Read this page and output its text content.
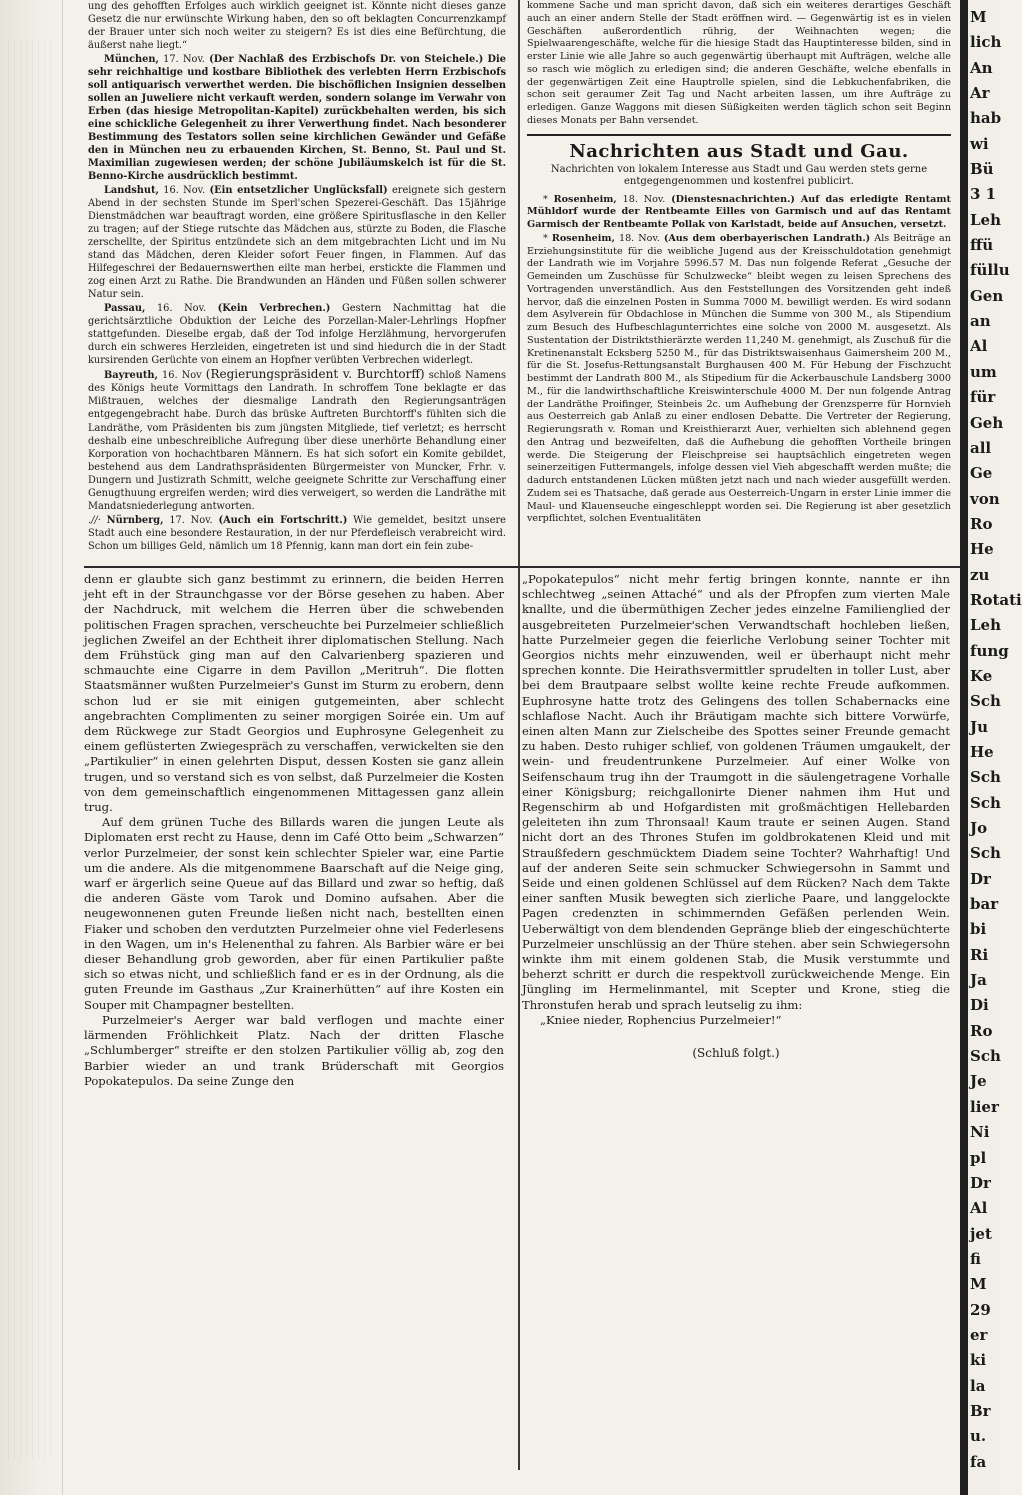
M
lich
An
Ar
hab
wi
Bü
3 1
Leh
ffü
füllu
Gen
an
Al
um
für
Geh
all
Ge
von
Ro
He
zu
Rotati
Leh
fung
Ke
Sch
Ju
He
Sch
Sch
Jo
Sch
Dr
bar
bi
Ri
Ja
Di
Ro
Sch
Je
lier
Ni
pl
Dr
Al
jet
fi
M
29
er
ki
la
Br
u.
fa

ung des gehofften Erfolges auch wirklich geeignet ist. Könnte nicht dieses ganze Gesetz die nur erwünschte Wirkung haben, den so oft beklagten Concurrenzkampf der Brauer unter sich noch weiter zu steigern? Es ist dies eine Befürchtung, die äußerst nahe liegt.“

München, 17. Nov. (Der Nachlaß des Erzbischofs Dr. von Steichele.) Die sehr reichhaltige und kostbare Bibliothek des verlebten Herrn Erzbischofs soll antiquarisch verwerthet werden. Die bischöflichen Insignien desselben sollen an Juweliere nicht verkauft werden, sondern solange im Verwahr von Erben (das hiesige Metropolitan-Kapitel) zurückbehalten werden, bis sich eine schickliche Gelegenheit zu ihrer Verwerthung findet. Nach besonderer Bestimmung des Testators sollen seine kirchlichen Gewänder und Gefäße den in München neu zu erbauenden Kirchen, St. Benno, St. Paul und St. Maximilian zugewiesen werden; der schöne Jubiläumskelch ist für die St. Benno-Kirche ausdrücklich bestimmt.

Landshut, 16. Nov. (Ein entsetzlicher Unglücksfall) ereignete sich gestern Abend in der sechsten Stunde im Sperl'schen Spezerei-Geschäft. Das 15jährige Dienstmädchen war beauftragt worden, eine größere Spiritusflasche in den Keller zu tragen; auf der Stiege rutschte das Mädchen aus, stürzte zu Boden, die Flasche zerschellte, der Spiritus entzündete sich an dem mitgebrachten Licht und im Nu stand das Mädchen, deren Kleider sofort Feuer fingen, in Flammen. Auf das Hilfegeschrei der Bedauernswerthen eilte man herbei, erstickte die Flammen und zog einen Arzt zu Rathe. Die Brandwunden an Händen und Füßen sollen schwerer Natur sein.

Passau, 16. Nov. (Kein Verbrechen.) Gestern Nachmittag hat die gerichtsärztliche Obduktion der Leiche des Porzellan-Maler-Lehrlings Hopfner stattgefunden. Dieselbe ergab, daß der Tod infolge Herzlähmung, hervorgerufen durch ein schweres Herzleiden, eingetreten ist und sind hiedurch die in der Stadt kursirenden Gerüchte von einem an Hopfner verübten Verbrechen widerlegt.

Bayreuth, 16. Nov (Regierungspräsident v. Burchtorff) schloß Namens des Königs heute Vormittags den Landrath. In schroffem Tone beklagte er das Mißtrauen, welches der diesmalige Landrath den Regierungsanträgen entgegengebracht habe. Durch das brüske Auftreten Burchtorff's fühlten sich die Landräthe, vom Präsidenten bis zum jüngsten Mitgliede, tief verletzt; es herrscht deshalb eine unbeschreibliche Aufregung über diese unerhörte Behandlung einer Korporation von hochachtbaren Männern. Es hat sich sofort ein Komite gebildet, bestehend aus dem Landrathspräsidenten Bürgermeister von Muncker, Frhr. v. Dungern und Justizrath Schmitt, welche geeignete Schritte zur Verschaffung einer Genugthuung ergreifen werden; wird dies verweigert, so werden die Landräthe mit Mandatsniederlegung antworten.

.//· Nürnberg, 17. Nov. (Auch ein Fortschritt.) Wie gemeldet, besitzt unsere Stadt auch eine besondere Restauration, in der nur Pferdefleisch verabreicht wird. Schon um billiges Geld, nämlich um 18 Pfennig, kann man dort ein fein zube-

kommene Sache und man spricht davon, daß sich ein weiteres derartiges Geschäft auch an einer andern Stelle der Stadt eröffnen wird. — Gegenwärtig ist es in vielen Geschäften außerordentlich rührig, der Weihnachten wegen; die Spielwaarengeschäfte, welche für die hiesige Stadt das Hauptinteresse bilden, sind in erster Linie wie alle Jahre so auch gegenwärtig überhaupt mit Aufträgen, welche alle so rasch wie möglich zu erledigen sind; die anderen Geschäfte, welche ebenfalls in der gegenwärtigen Zeit eine Hauptrolle spielen, sind die Lebkuchenfabriken, die schon seit geraumer Zeit Tag und Nacht arbeiten lassen, um ihre Aufträge zu erledigen. Ganze Waggons mit diesen Süßigkeiten werden täglich schon seit Beginn dieses Monats per Bahn versendet.

Nachrichten aus Stadt und Gau.
Nachrichten von lokalem Interesse aus Stadt und Gau werden stets gerne entgegengenommen und kostenfrei publicirt.

* Rosenheim, 18. Nov. (Dienstesnachrichten.) Auf das erledigte Rentamt Mühldorf wurde der Rentbeamte Eilles von Garmisch und auf das Rentamt Garmisch der Rentbeamte Pollak von Karlstadt, beide auf Ansuchen, versetzt.

* Rosenheim, 18. Nov. (Aus dem oberbayerischen Landrath.) Als Beiträge an Erziehungsinstitute für die weibliche Jugend aus der Kreisschuldotation genehmigt der Landrath wie im Vorjahre 5996.57 M. Das nun folgende Referat „Gesuche der Gemeinden um Zuschüsse für Schulzwecke“ bleibt wegen zu leisen Sprechens des Vortragenden unverständlich. Aus den Feststellungen des Vorsitzenden geht indeß hervor, daß die einzelnen Posten in Summa 7000 M. bewilligt werden. Es wird sodann dem Asylverein für Obdachlose in München die Summe von 300 M., als Stipendium zum Besuch des Hufbeschlagunterrichtes eine solche von 2000 M. ausgesetzt. Als Sustentation der Distriktsthierärzte werden 11,240 M. genehmigt, als Zuschuß für die Kretinenanstalt Ecksberg 5250 M., für das Distriktswaisenhaus Gaimersheim 200 M., für die St. Josefus-Rettungsanstalt Burghausen 400 M. Für Hebung der Fischzucht bestimmt der Landrath 800 M., als Stipedium für die Ackerbauschule Landsberg 3000 M., für die landwirthschaftliche Kreiswinterschule 4000 M. Der nun folgende Antrag der Landräthe Proifinger, Steinbeis 2c. um Aufhebung der Grenzsperre für Hornvieh aus Oesterreich gab Anlaß zu einer endlosen Debatte. Die Vertreter der Regierung, Regierungsrath v. Roman und Kreisthierarzt Auer, verhielten sich ablehnend gegen den Antrag und bezweifelten, daß die Aufhebung die gehofften Vortheile bringen werde. Die Steigerung der Fleischpreise sei hauptsächlich eingetreten wegen seinerzeitigen Futtermangels, infolge dessen viel Vieh abgeschafft werden mußte; die dadurch entstandenen Lücken müßten jetzt nach und nach wieder ausgefüllt werden. Zudem sei es Thatsache, daß gerade aus Oesterreich-Ungarn in erster Linie immer die Maul- und Klauenseuche eingeschleppt worden sei. Die Regierung ist aber gesetzlich verpflichtet, solchen Eventualitäten

denn er glaubte sich ganz bestimmt zu erinnern, die beiden Herren jeht eft in der Straunchgasse vor der Börse gesehen zu haben. Aber der Nachdruck, mit welchem die Herren über die schwebenden politischen Fragen sprachen, verscheuchte bei Purzelmeier schließlich jeglichen Zweifel an der Echtheit ihrer diplomatischen Stellung. Nach dem Frühstück ging man auf den Calvarienberg spazieren und schmauchte eine Cigarre in dem Pavillon „Meritruh“. Die flotten Staatsmänner wußten Purzelmeier's Gunst im Sturm zu erobern, denn schon lud er sie mit einigen gutgemeinten, aber schlecht angebrachten Complimenten zu seiner morgigen Soirée ein. Um auf dem Rückwege zur Stadt Georgios und Euphrosyne Gelegenheit zu einem geflüsterten Zwiegespräch zu verschaffen, verwickelten sie den „Partikulier“ in einen gelehrten Disput, dessen Kosten sie ganz allein trugen, und so verstand sich es von selbst, daß Purzelmeier die Kosten von dem gemeinschaftlich eingenommenen Mittagessen ganz allein trug.

Auf dem grünen Tuche des Billards waren die jungen Leute als Diplomaten erst recht zu Hause, denn im Café Otto beim „Schwarzen“ verlor Purzelmeier, der sonst kein schlechter Spieler war, eine Partie um die andere. Als die mitgenommene Baarschaft auf die Neige ging, warf er ärgerlich seine Queue auf das Billard und zwar so heftig, daß die anderen Gäste vom Tarok und Domino aufsahen. Aber die neugewonnenen guten Freunde ließen nicht nach, bestellten einen Fiaker und schoben den verdutzten Purzelmeier ohne viel Federlesens in den Wagen, um in's Helenenthal zu fahren. Als Barbier wäre er bei dieser Behandlung grob geworden, aber für einen Partikulier paßte sich so etwas nicht, und schließlich fand er es in der Ordnung, als die guten Freunde im Gasthaus „Zur Krainerhütten“ auf ihre Kosten ein Souper mit Champagner bestellten.

Purzelmeier's Aerger war bald verflogen und machte einer lärmenden Fröhlichkeit Platz. Nach der dritten Flasche „Schlumberger“ streifte er den stolzen Partikulier völlig ab, zog den Barbier wieder an und trank Brüderschaft mit Georgios Popokatepulos. Da seine Zunge den

„Popokatepulos“ nicht mehr fertig bringen konnte, nannte er ihn schlechtweg „seinen Attaché“ und als der Pfropfen zum vierten Male knallte, und die übermüthigen Zecher jedes einzelne Familienglied der ausgebreiteten Purzelmeier'schen Verwandtschaft hochleben ließen, hatte Purzelmeier gegen die feierliche Verlobung seiner Tochter mit Georgios nichts mehr einzuwenden, weil er überhaupt nicht mehr sprechen konnte. Die Heirathsvermittler sprudelten in toller Lust, aber bei dem Brautpaare selbst wollte keine rechte Freude aufkommen. Euphrosyne hatte trotz des Gelingens des tollen Schabernacks eine schlaflose Nacht. Auch ihr Bräutigam machte sich bittere Vorwürfe, einen alten Mann zur Zielscheibe des Spottes seiner Freunde gemacht zu haben. Desto ruhiger schlief, von goldenen Träumen umgaukelt, der wein- und freudentrunkene Purzelmeier. Auf einer Wolke von Seifenschaum trug ihn der Traumgott in die säulengetragene Vorhalle einer Königsburg; reichgallonirte Diener nahmen ihm Hut und Regenschirm ab und Hofgardisten mit großmächtigen Hellebarden geleiteten ihn zum Thronsaal! Kaum traute er seinen Augen. Stand nicht dort an des Thrones Stufen im goldbrokatenen Kleid und mit Straußfedern geschmücktem Diadem seine Tochter? Wahrhaftig! Und auf der anderen Seite sein schmucker Schwiegersohn in Sammt und Seide und einen goldenen Schlüssel auf dem Rücken? Nach dem Takte einer sanften Musik bewegten sich zierliche Paare, und langgelockte Pagen credenzten in schimmernden Gefäßen perlenden Wein. Ueberwältigt von dem blendenden Gepränge blieb der eingeschüchterte Purzelmeier unschlüssig an der Thüre stehen. aber sein Schwiegersohn winkte ihm mit einem goldenen Stab, die Musik verstummte und beherzt schritt er durch die respektvoll zurückweichende Menge. Ein Jüngling im Hermelinmantel, mit Scepter und Krone, stieg die Thronstufen herab und sprach leutselig zu ihm:

„Kniee nieder, Rophencius Purzelmeier!“

(Schluß folgt.)
